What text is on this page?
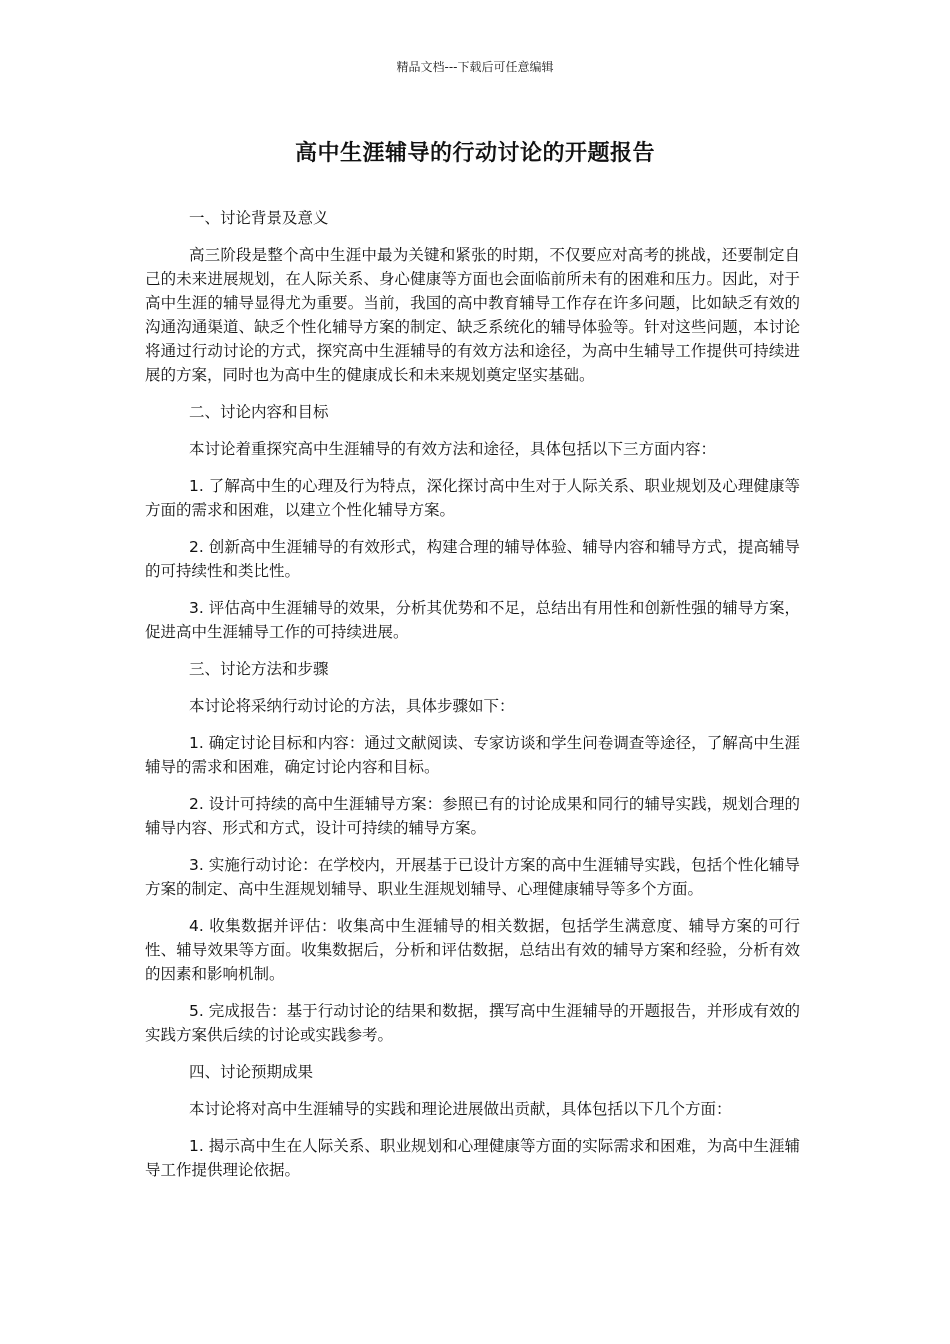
精品文档---下载后可任意编辑
高中生涯辅导的行动讨论的开题报告
一、讨论背景及意义
高三阶段是整个高中生涯中最为关键和紧张的时期，不仅要应对高考的挑战，还要制定自己的未来进展规划，在人际关系、身心健康等方面也会面临前所未有的困难和压力。因此，对于高中生涯的辅导显得尤为重要。当前，我国的高中教育辅导工作存在许多问题，比如缺乏有效的沟通沟通渠道、缺乏个性化辅导方案的制定、缺乏系统化的辅导体验等。针对这些问题，本讨论将通过行动讨论的方式，探究高中生涯辅导的有效方法和途径，为高中生辅导工作提供可持续进展的方案，同时也为高中生的健康成长和未来规划奠定坚实基础。
二、讨论内容和目标
本讨论着重探究高中生涯辅导的有效方法和途径，具体包括以下三方面内容：
1. 了解高中生的心理及行为特点，深化探讨高中生对于人际关系、职业规划及心理健康等方面的需求和困难，以建立个性化辅导方案。
2. 创新高中生涯辅导的有效形式，构建合理的辅导体验、辅导内容和辅导方式，提高辅导的可持续性和类比性。
3. 评估高中生涯辅导的效果，分析其优势和不足，总结出有用性和创新性强的辅导方案，促进高中生涯辅导工作的可持续进展。
三、讨论方法和步骤
本讨论将采纳行动讨论的方法，具体步骤如下：
1. 确定讨论目标和内容：通过文献阅读、专家访谈和学生问卷调查等途径，了解高中生涯辅导的需求和困难，确定讨论内容和目标。
2. 设计可持续的高中生涯辅导方案：参照已有的讨论成果和同行的辅导实践，规划合理的辅导内容、形式和方式，设计可持续的辅导方案。
3. 实施行动讨论：在学校内，开展基于已设计方案的高中生涯辅导实践，包括个性化辅导方案的制定、高中生涯规划辅导、职业生涯规划辅导、心理健康辅导等多个方面。
4. 收集数据并评估：收集高中生涯辅导的相关数据，包括学生满意度、辅导方案的可行性、辅导效果等方面。收集数据后，分析和评估数据，总结出有效的辅导方案和经验，分析有效的因素和影响机制。
5. 完成报告：基于行动讨论的结果和数据，撰写高中生涯辅导的开题报告，并形成有效的实践方案供后续的讨论或实践参考。
四、讨论预期成果
本讨论将对高中生涯辅导的实践和理论进展做出贡献，具体包括以下几个方面：
1. 揭示高中生在人际关系、职业规划和心理健康等方面的实际需求和困难，为高中生涯辅导工作提供理论依据。
